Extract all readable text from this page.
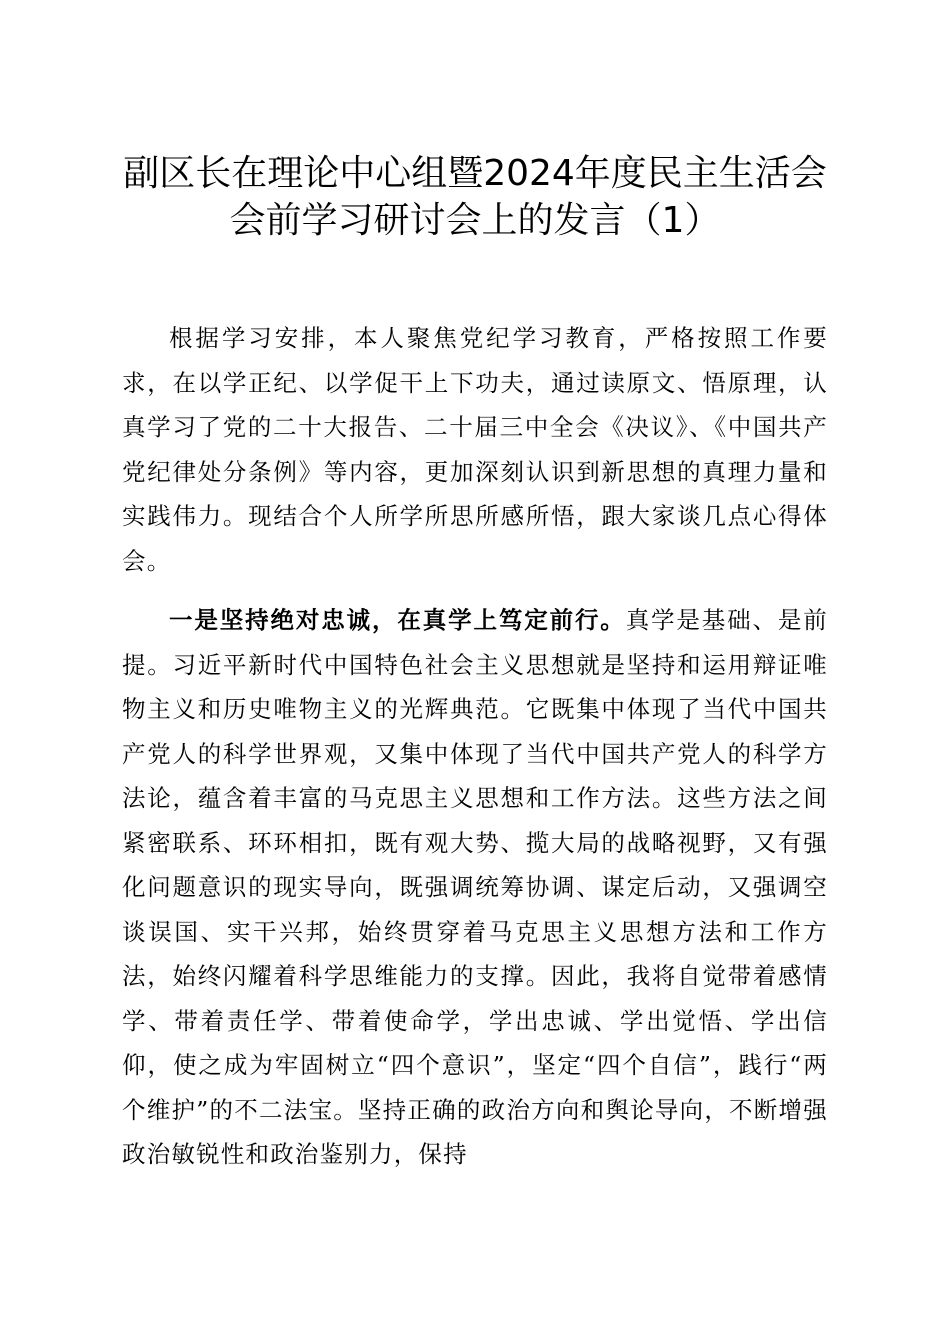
副区长在理论中心组暨2024年度民主生活会
会前学习研讨会上的发言（1）

根据学习安排，本人聚焦党纪学习教育，严格按照工作要求，在以学正纪、以学促干上下功夫，通过读原文、悟原理，认真学习了党的二十大报告、二十届三中全会《决议》、《中国共产党纪律处分条例》等内容，更加深刻认识到新思想的真理力量和实践伟力。现结合个人所学所思所感所悟，跟大家谈几点心得体会。

一是坚持绝对忠诚，在真学上笃定前行。真学是基础、是前提。习近平新时代中国特色社会主义思想就是坚持和运用辩证唯物主义和历史唯物主义的光辉典范。它既集中体现了当代中国共产党人的科学世界观，又集中体现了当代中国共产党人的科学方法论，蕴含着丰富的马克思主义思想和工作方法。这些方法之间紧密联系、环环相扣，既有观大势、揽大局的战略视野，又有强化问题意识的现实导向，既强调统筹协调、谋定后动，又强调空谈误国、实干兴邦，始终贯穿着马克思主义思想方法和工作方法，始终闪耀着科学思维能力的支撑。因此，我将自觉带着感情学、带着责任学、带着使命学，学出忠诚、学出觉悟、学出信仰，使之成为牢固树立“四个意识”，坚定“四个自信”，践行“两个维护”的不二法宝。坚持正确的政治方向和舆论导向，不断增强政治敏锐性和政治鉴别力，保持
